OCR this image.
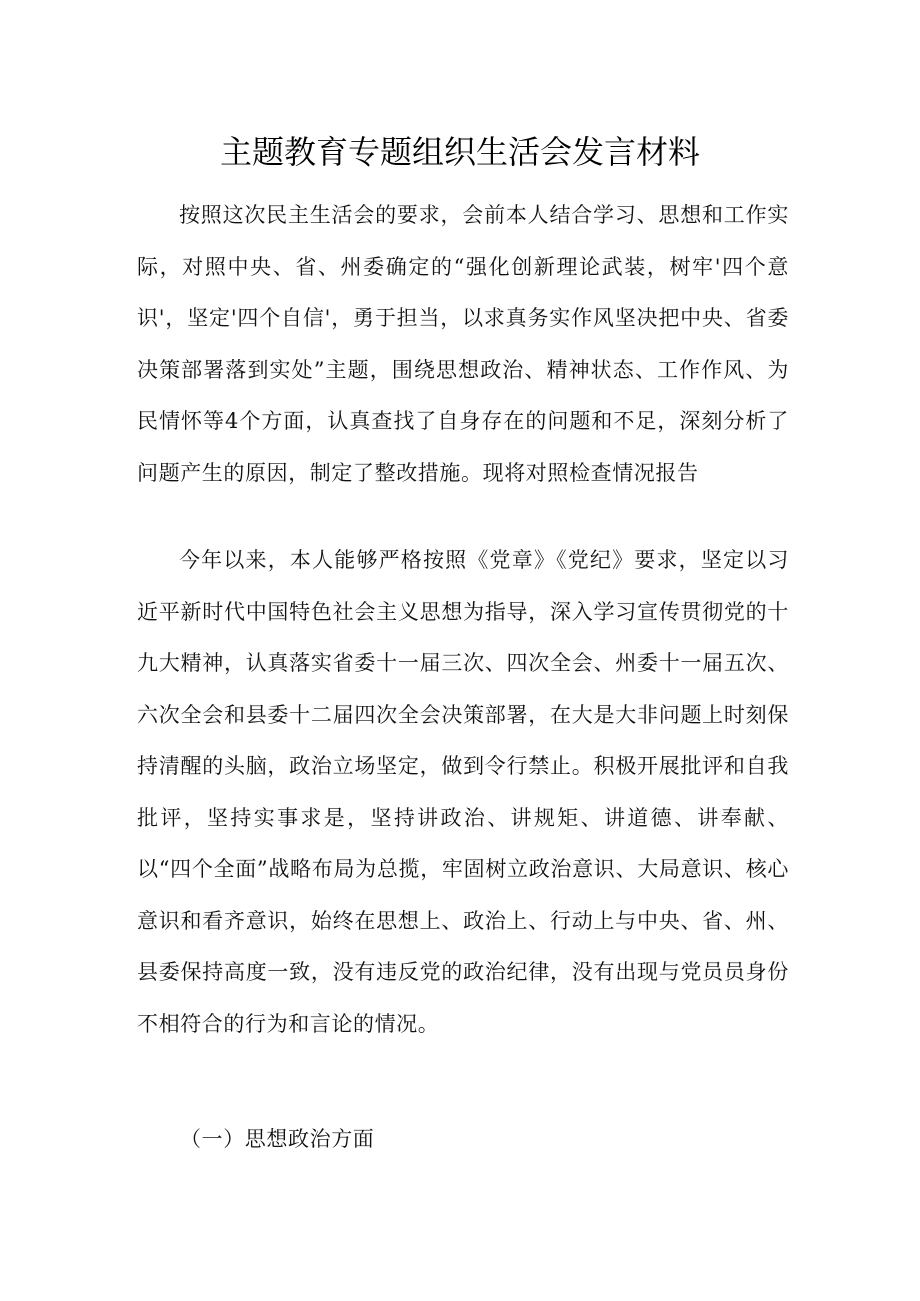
主题教育专题组织生活会发言材料

按照这次民主生活会的要求，会前本人结合学习、思想和工作实际，对照中央、省、州委确定的“强化创新理论武装，树牢'四个意识'，坚定'四个自信'，勇于担当，以求真务实作风坚决把中央、省委决策部署落到实处”主题，围绕思想政治、精神状态、工作作风、为民情怀等4个方面，认真查找了自身存在的问题和不足，深刻分析了问题产生的原因，制定了整改措施。现将对照检查情况报告

今年以来，本人能够严格按照《党章》《党纪》要求，坚定以习近平新时代中国特色社会主义思想为指导，深入学习宣传贯彻党的十九大精神，认真落实省委十一届三次、四次全会、州委十一届五次、六次全会和县委十二届四次全会决策部署，在大是大非问题上时刻保持清醒的头脑，政治立场坚定，做到令行禁止。积极开展批评和自我批评，坚持实事求是，坚持讲政治、讲规矩、讲道德、讲奉献、以“四个全面”战略布局为总揽，牢固树立政治意识、大局意识、核心意识和看齐意识，始终在思想上、政治上、行动上与中央、省、州、县委保持高度一致，没有违反党的政治纪律，没有出现与党员员身份不相符合的行为和言论的情况。

（一）思想政治方面
